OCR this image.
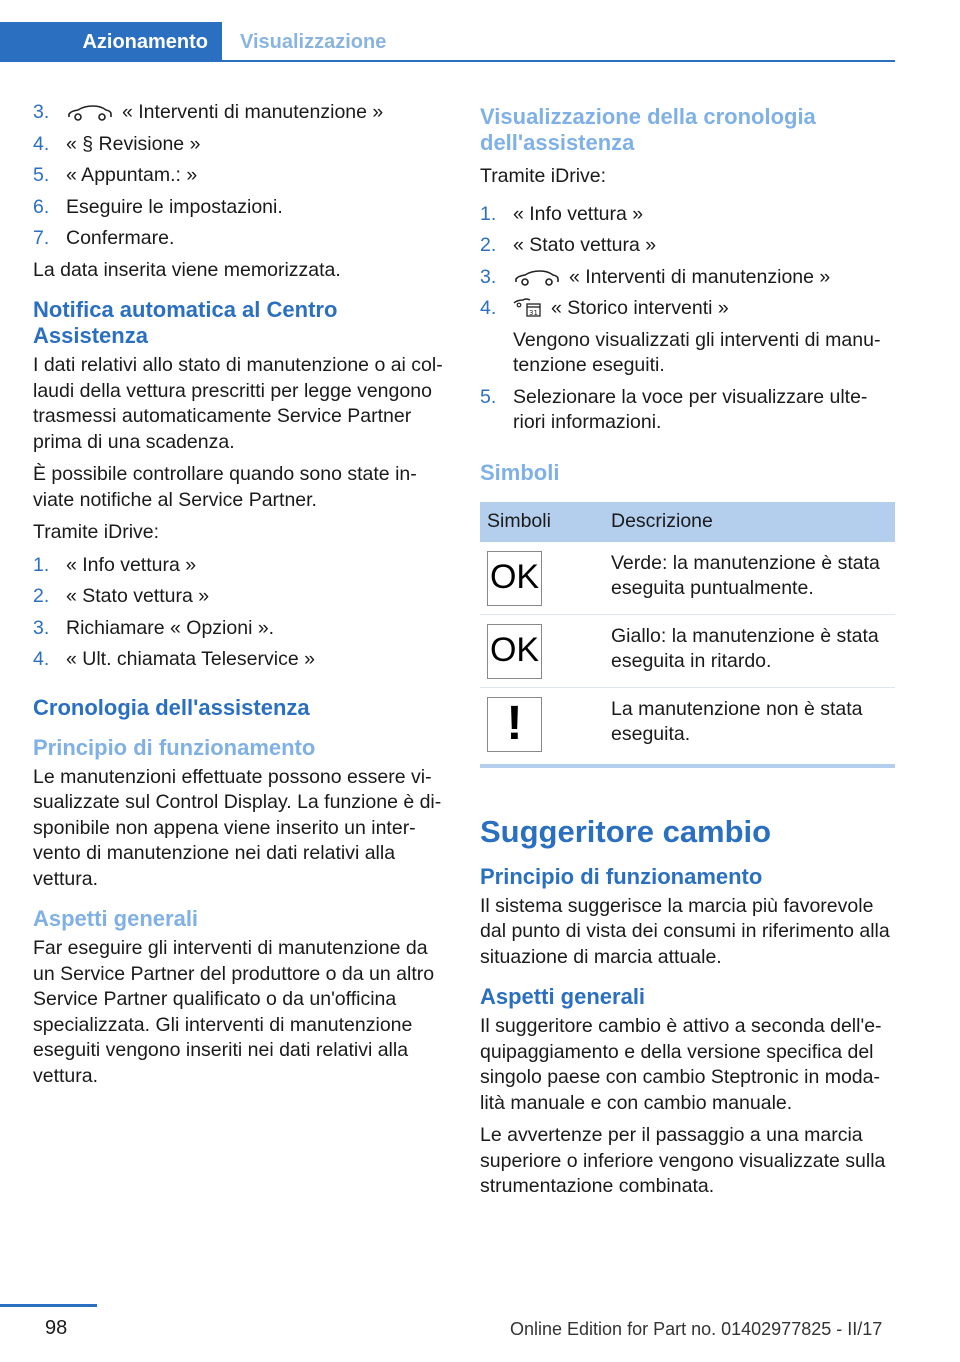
Azionamento	Visualizzazione
3.	« Interventi di manutenzione »
4. « § Revisione »
5. « Appuntam.: »
6. Eseguire le impostazioni.
7. Confermare.

La data inserita viene memorizzata.

Notifica automatica al Centro Assistenza

I dati relativi allo stato di manutenzione o ai col-laudi della vettura prescritti per legge vengono trasmessi automaticamente Service Partner prima di una scadenza.

È possibile controllare quando sono state in-viate notifiche al Service Partner.

Tramite iDrive:

1. « Info vettura »
2. « Stato vettura »
3. Richiamare « Opzioni ».
4. « Ult. chiamata Teleservice »
Cronologia dell'assistenza
Principio di funzionamento

Le manutenzioni effettuate possono essere vi-sualizzate sul Control Display. La funzione è di-sponibile non appena viene inserito un inter-vento di manutenzione nei dati relativi alla vettura.

Aspetti generali

Far eseguire gli interventi di manutenzione da un Service Partner del produttore o da un altro Service Partner qualificato o da un'officina specializzata. Gli interventi di manutenzione eseguiti vengono inseriti nei dati relativi alla vettura.

Visualizzazione della cronologia dell'assistenza

Tramite iDrive:

1. « Info vettura »
2. « Stato vettura »
3.	« Interventi di manutenzione »
4.	31 « Storico interventi »
Vengono visualizzati gli interventi di manu-tenzione eseguiti.
5. Selezionare la voce per visualizzare ulte-riori informazioni.
Simboli
Simboli	Descrizione

OK	Verde: la manutenzione è stata eseguita puntualmente.

OK	Giallo: la manutenzione è stata eseguita in ritardo.

!	La manutenzione non è stata eseguita.
Suggeritore cambio
Principio di funzionamento

Il sistema suggerisce la marcia più favorevole dal punto di vista dei consumi in riferimento alla situazione di marcia attuale.

Aspetti generali

Il suggeritore cambio è attivo a seconda dell'e-quipaggiamento e della versione specifica del singolo paese con cambio Steptronic in moda-lità manuale e con cambio manuale.

Le avvertenze per il passaggio a una marcia superiore o inferiore vengono visualizzate sulla strumentazione combinata.

98	Online Edition for Part no. 01402977825 - II/17
